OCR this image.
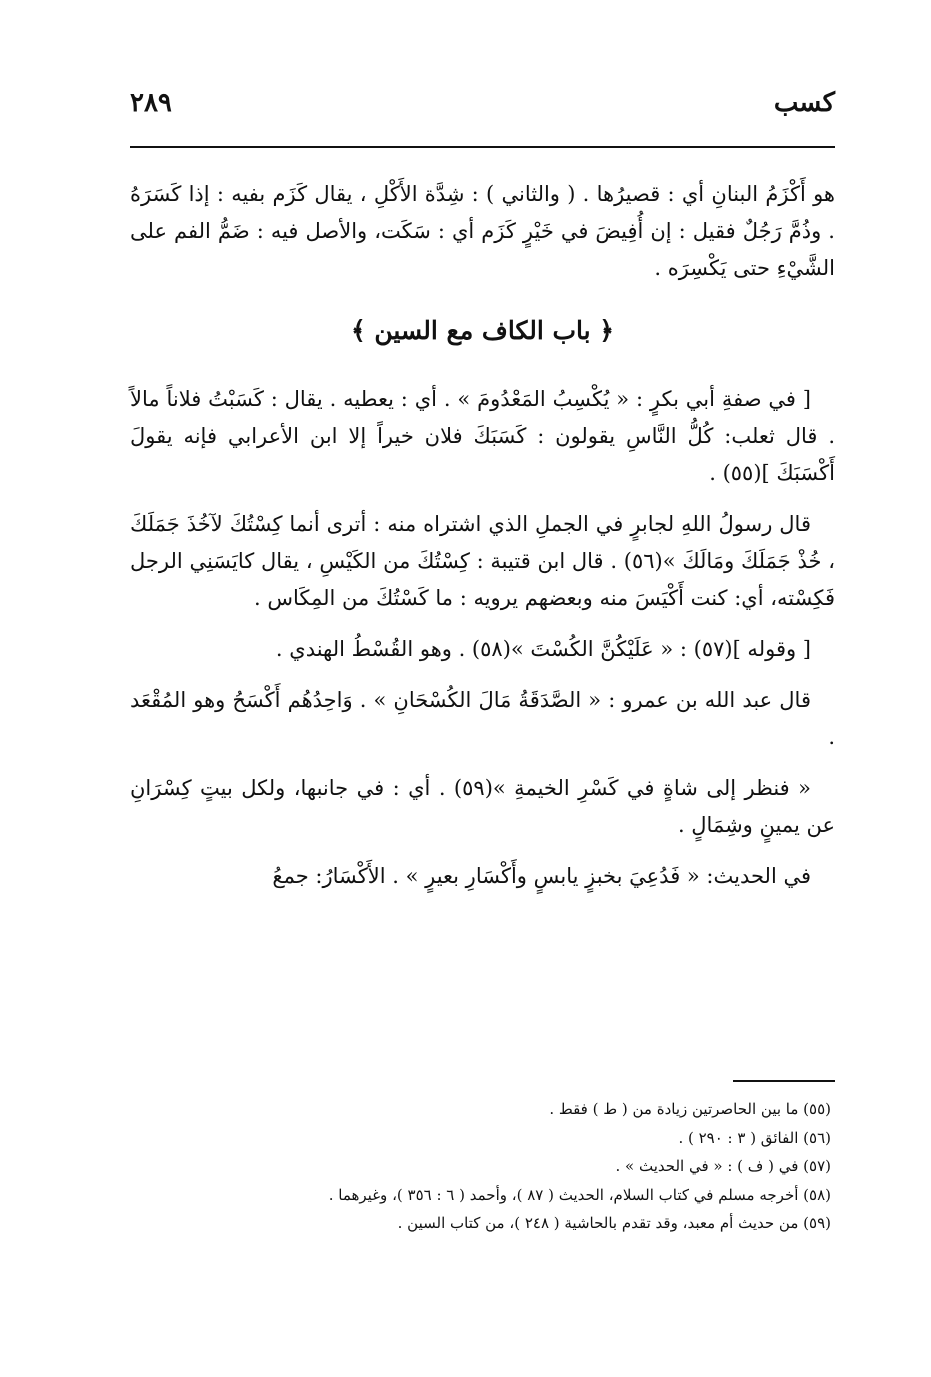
كسب
٢٨٩

هو أَكْزَمُ البنانِ أي : قصيرُها . ( والثاني ) : شِدَّة الأَكْلِ ، يقال كَزَم بفيه : إذا كَسَرَهُ . وذُمَّ رَجُلٌ فقيل : إن أُفِيضَ في خَيْرٍ كَزَم أي : سَكَت، والأصل فيه : ضَمُّ الفم على الشَّيْءِ حتى يَكْسِرَه .

﴿ باب الكاف مع السين ﴾

[ في صفةِ أبي بكرٍ : « يُكْسِبُ المَعْدُومَ » . أي : يعطيه . يقال : كَسَبْتُ فلاناً مالاً . قال ثعلب: كُلُّ النَّاسِ يقولون : كَسَبَكَ فلان خيراً إلا ابن الأعرابي فإنه يقولَ أَكْسَبَكَ ](٥٥) .

قال رسولُ اللهِ لجابرٍ في الجملِ الذي اشتراه منه : أترى أنما كِسْتُكَ لآخُذَ جَمَلَكَ ، خُذْ جَمَلَكَ ومَالَكَ »(٥٦) . قال ابن قتيبة : كِسْتُكَ من الكَيْسِ ، يقال كايَسَنِي الرجل فَكِسْته، أي: كنت أَكْيَسَ منه وبعضهم يرويه : ما كَسْتُكَ من المِكَاس .

[ وقوله ](٥٧) : « عَلَيْكُنَّ الكُسْتَ »(٥٨) . وهو القُسْطُ الهندي .

قال عبد الله بن عمرو : « الصَّدَقَةُ مَالَ الكُسْحَانِ » . وَاحِدُهُم أَكْسَحُ وهو المُقْعَد .

« فنظر إلى شاةٍ في كَسْرِ الخيمةِ »(٥٩) . أي : في جانبها، ولكل بيتٍ كِسْرَانِ عن يمينٍ وشِمَالٍ .

في الحديث: « فَدُعِيَ بخبزٍ يابسٍ وأَكْسَارِ بعيرٍ » . الأَكْسَارُ: جمعُ

(٥٥) ما بين الحاصرتين زيادة من ( ط ) فقط .

(٥٦) الفائق ( ٣ : ٢٩٠ ) .

(٥٧) في ( ف ) : « في الحديث » .

(٥٨) أخرجه مسلم في كتاب السلام، الحديث ( ٨٧ )، وأحمد ( ٦ : ٣٥٦ )، وغيرهما .

(٥٩) من حديث أم معبد، وقد تقدم بالحاشية ( ٢٤٨ )، من كتاب السين .
